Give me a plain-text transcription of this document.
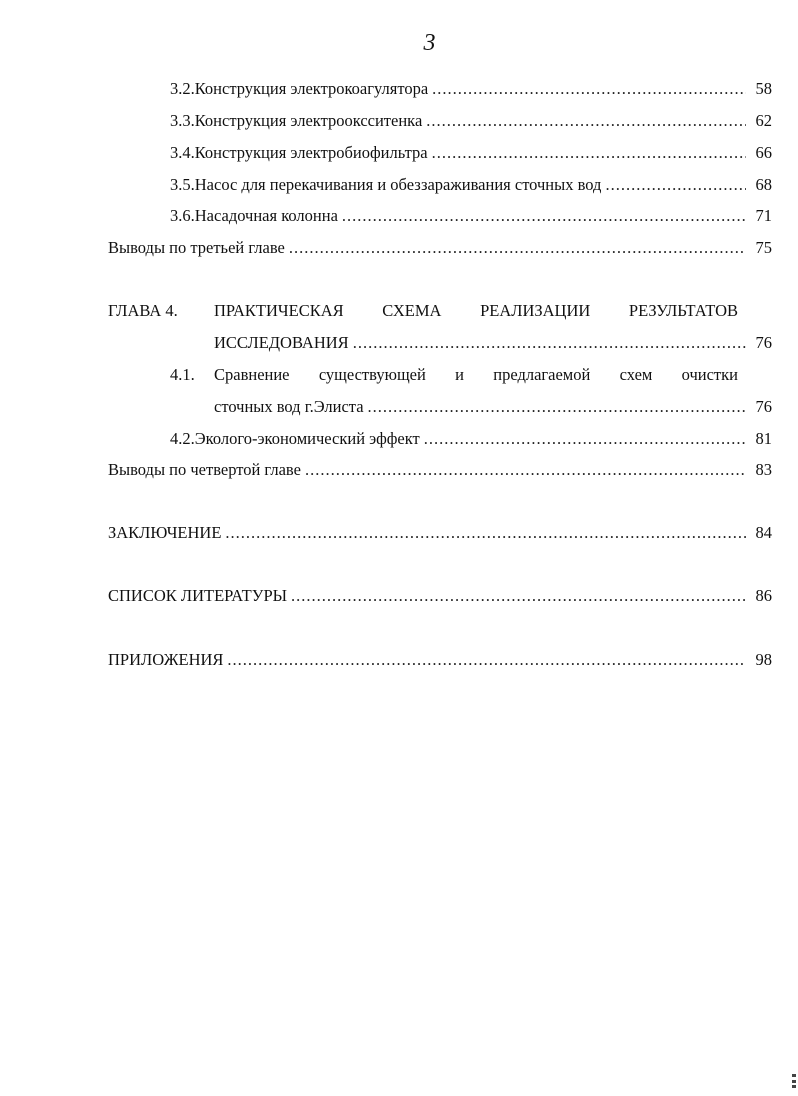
3
3.2. Конструкция электрокоагулятора .....	58
3.3. Конструкция электрооксситенка .....	62
3.4. Конструкция электробиофильтра .....	66
3.5. Насос для перекачивания и обеззараживания сточных вод .....	68
3.6. Насадочная колонна .....	71
Выводы по третьей главе .....	75
ГЛАВА 4.	ПРАКТИЧЕСКАЯ СХЕМА РЕАЛИЗАЦИИ РЕЗУЛЬТАТОВ
ИССЛЕДОВАНИЯ .....	76
4.1.	Сравнение существующей и предлагаемой схем очистки
сточных вод г.Элиста .....	76
4.2. Эколого-экономический эффект .....	81
Выводы по четвертой главе .....	83
ЗАКЛЮЧЕНИЕ .....	84
СПИСОК ЛИТЕРАТУРЫ .....	86
ПРИЛОЖЕНИЯ .....	98
